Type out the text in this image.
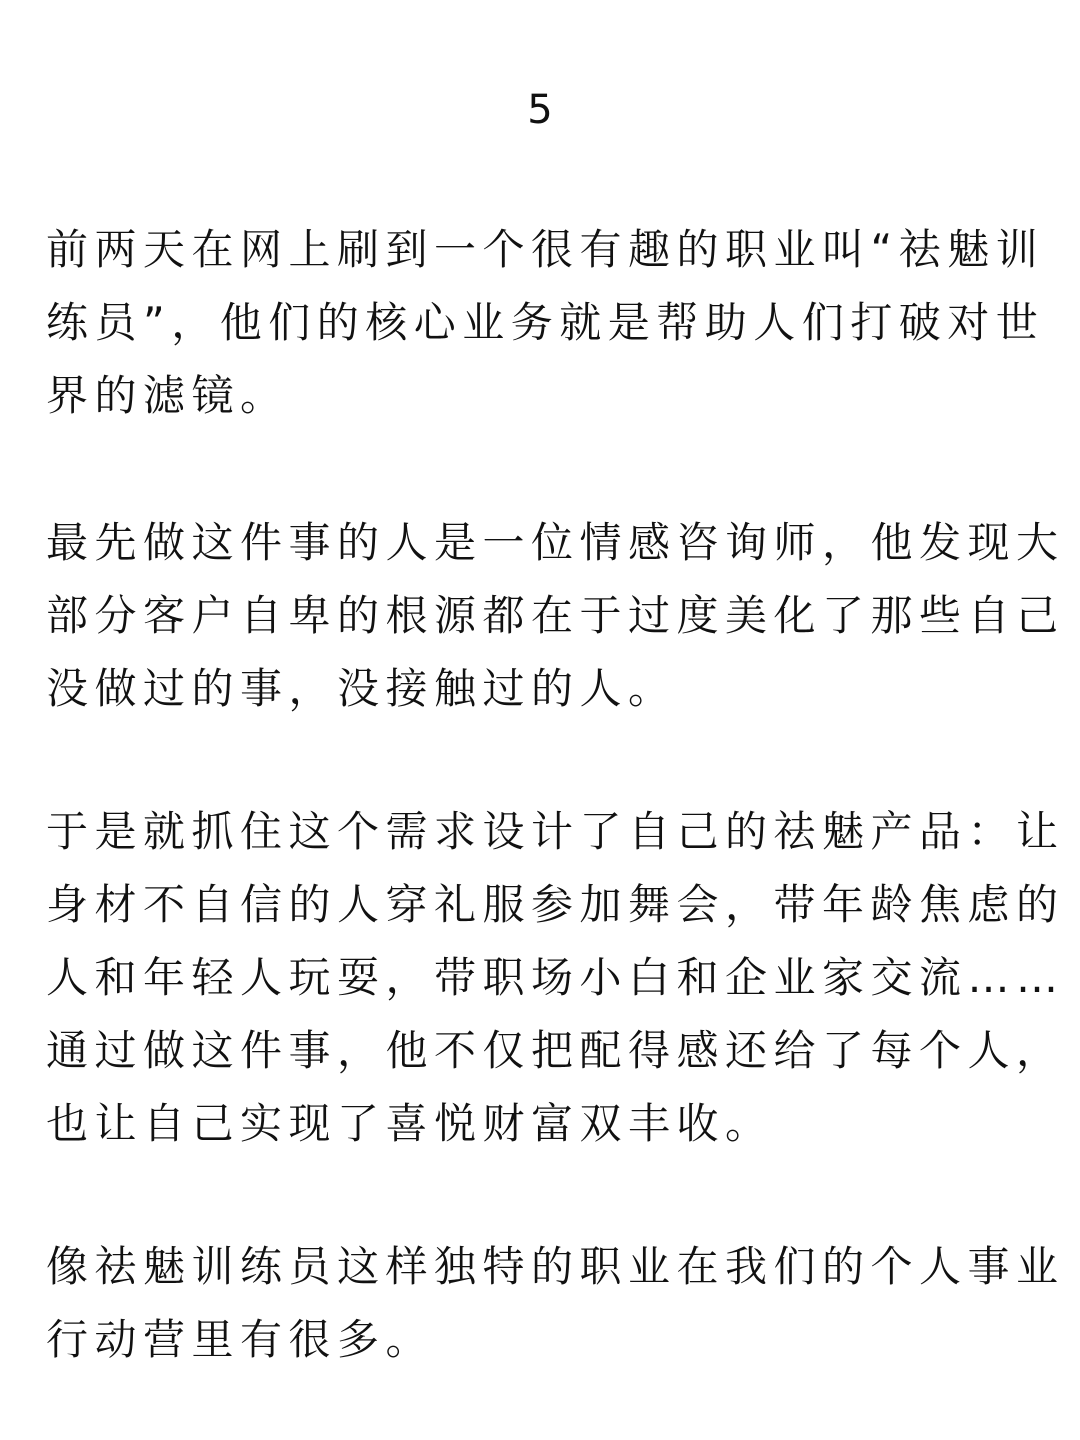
5

前两天在网上刷到一个很有趣的职业叫“祛魅训
练员”，他们的核心业务就是帮助人们打破对世
界的滤镜。

最先做这件事的人是一位情感咨询师，他发现大
部分客户自卑的根源都在于过度美化了那些自己
没做过的事，没接触过的人。

于是就抓住这个需求设计了自己的祛魅产品：让
身材不自信的人穿礼服参加舞会，带年龄焦虑的
人和年轻人玩耍，带职场小白和企业家交流……
通过做这件事，他不仅把配得感还给了每个人，
也让自己实现了喜悦财富双丰收。

像祛魅训练员这样独特的职业在我们的个人事业
行动营里有很多。
